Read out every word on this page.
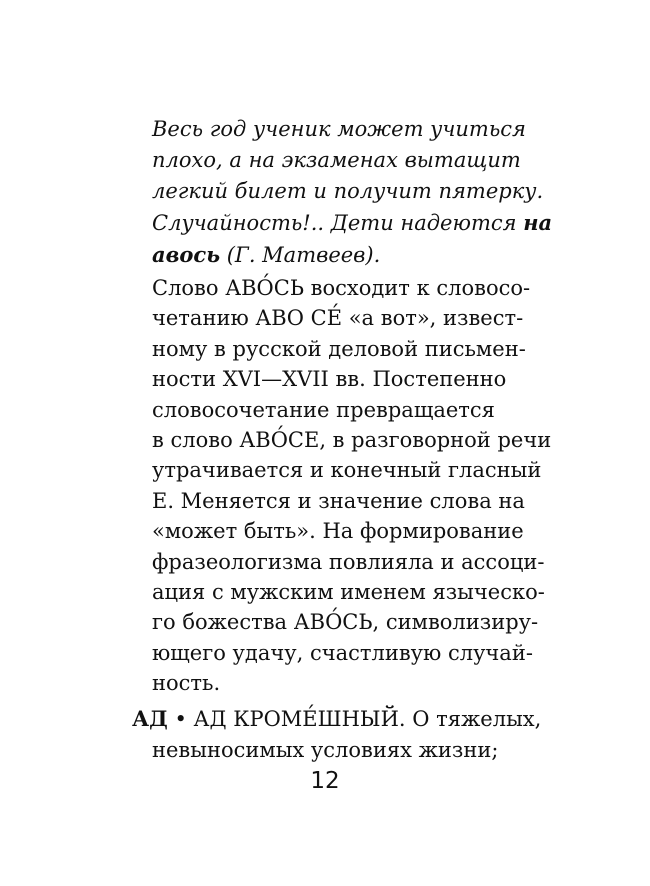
Весь год ученик может учиться
плохо, а на экзаменах вытащит
легкий билет и получит пятерку.
Случайность!.. Дети надеются на
авось (Г. Матвеев).
Слово АВО́СЬ восходит к словосо-
четанию АВО СЕ́ «а вот», извест-
ному в русской деловой письмен-
ности XVI—XVII вв. Постепенно
словосочетание превращается
в слово АВО́СЕ, в разговорной речи
утрачивается и конечный гласный
Е. Меняется и значение слова на
«может быть». На формирование
фразеологизма повлияла и ассоци-
ация с мужским именем языческо-
го божества АВО́СЬ, символизиру-
ющего удачу, счастливую случай-
ность.
АД • АД КРОМЕ́ШНЫЙ. О тяжелых,
невыносимых условиях жизни;
12
